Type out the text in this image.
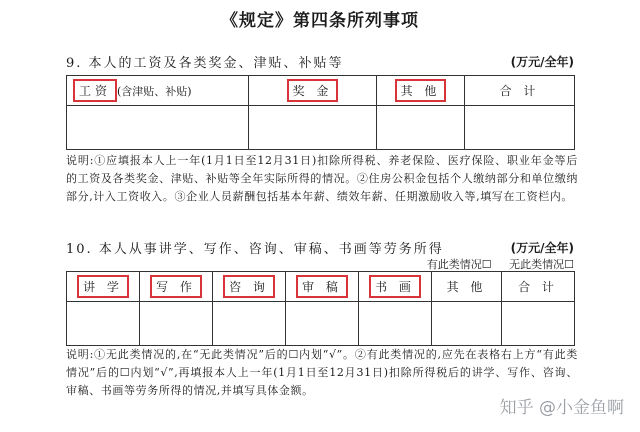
《规定》第四条所列事项
9. 本人的工资及各类奖金、津贴、补贴等	(万元/全年)
工资 (含津贴、补贴)	奖 金	其 他	合 计

说明:①应填报本人上一年(1月1日至12月31日)扣除所得税、养老保险、医疗保险、职业年金等后的工资及各类奖金、津贴、补贴等全年实际所得的情况。②住房公积金包括个人缴纳部分和单位缴纳部分,计入工资收入。③企业人员薪酬包括基本年薪、绩效年薪、任期激励收入等,填写在工资栏内。
10. 本人从事讲学、写作、咨询、审稿、书画等劳务所得	(万元/全年)
有此类情况☐ 无此类情况☐
讲 学	写 作	咨 询	审 稿	书 画	其 他	合 计

说明:①无此类情况的,在“无此类情况”后的☐内划“√”。②有此类情况的,应先在表格右上方“有此类情况”后的☐内划“√”,再填报本人上一年(1月1日至12月31日)扣除所得税后的讲学、写作、咨询、审稿、书画等劳务所得的情况,并填写具体金额。
知乎 @小金鱼啊
